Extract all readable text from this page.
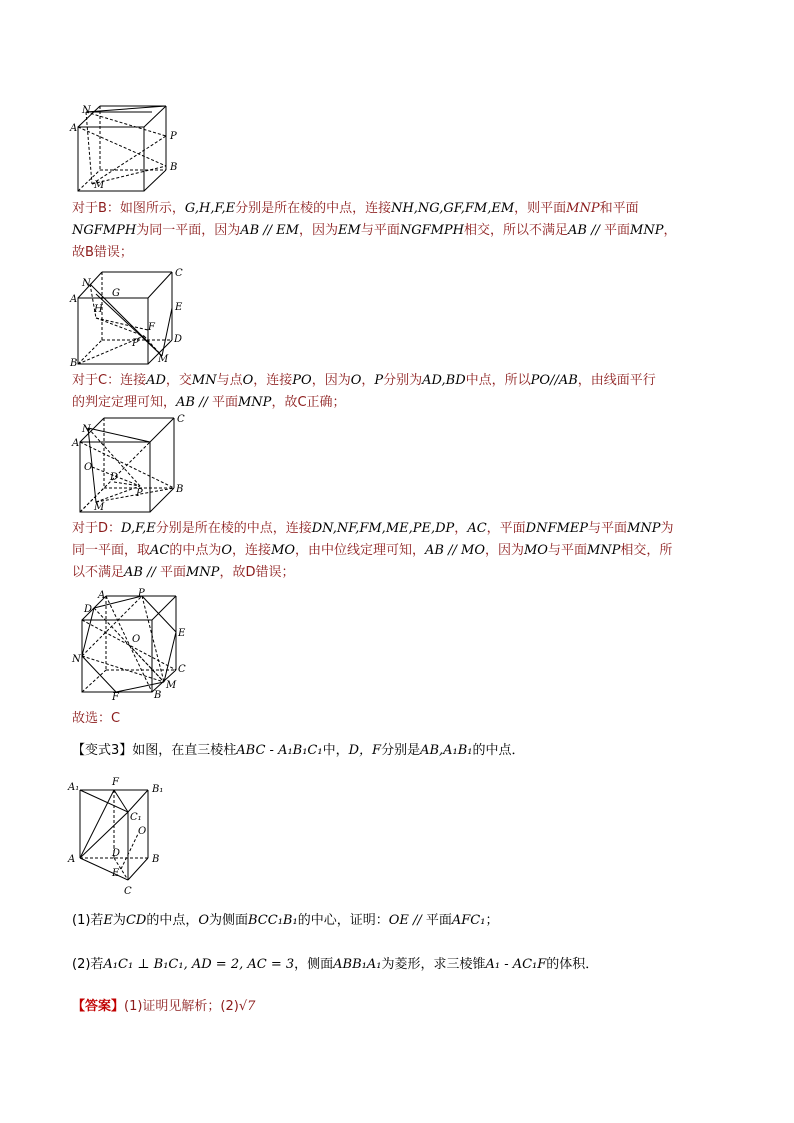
N
A
P
B
M
对于B：如图所示，G,H,F,E分别是所在棱的中点，连接NH,NG,GF,FM,EM，则平面MNP和平面
NGFMPH为同一平面，因为AB // EM，因为EM与平面NGFMPH相交，所以不满足AB // 平面MNP，
故B错误；
C
N
G
A
H	E
F
P	D
B	M
对于C：连接AD，交MN与点O，连接PO，因为O，P分别为AD,BD中点，所以PO//AB，由线面平行
的判定定理可知，AB // 平面MNP，故C正确；
N
C
A
O
D
M
P	B
对于D：D,F,E分别是所在棱的中点，连接DN,NF,FM,ME,PE,DP，AC，平面DNFMEP与平面MNP为
同一平面，取AC的中点为O，连接MO，由中位线定理可知，AB // MO，因为MO与平面MNP相交，所
以不满足AB // 平面MNP，故D错误；
A	P
D
O
E
N
C
F	B
M
故选：C
【变式3】如图，在直三棱柱ABC - A₁B₁C₁中，D，F分别是AB,A₁B₁的中点．
A₁	F
B₁
C₁
O
A
D
B
E
C
(1)若E为CD的中点，O为侧面BCC₁B₁的中心，证明：OE // 平面AFC₁；
(2)若A₁C₁ ⊥ B₁C₁, AD = 2, AC = 3，侧面ABB₁A₁为菱形，求三棱锥A₁ - AC₁F的体积．
【答案】(1)证明见解析；(2)√7
